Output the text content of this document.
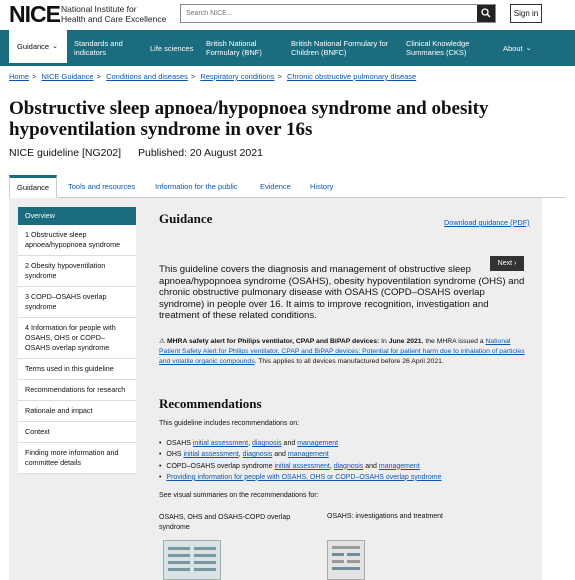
NICE National Institute for
Health and Care Excellence
Search NICE...
Sign in
Guidance ⌄ Standards and indicators	Life sciences British National Formulary (BNF)
British National Formulary for Children (BNFC)
Clinical Knowledge Summaries (CKS)	About ⌄
Home > NICE Guidance > Conditions and diseases > Respiratory conditions > Chronic obstructive pulmonary disease
Obstructive sleep apnoea/hypopnoea syndrome and obesity hypoventilation syndrome in over 16s
NICE guideline [NG202] Published: 20 August 2021
Guidance	Tools and resources	Information for the public	Evidence	History
Overview
1 Obstructive sleep apnoea/hypopnoea syndrome
2 Obesity hypoventilation syndrome
3 COPD–OSAHS overlap syndrome
4 Information for people with OSAHS, OHS or COPD–OSAHS overlap syndrome
Terms used in this guideline
Recommendations for research
Rationale and impact
Context
Finding more information and committee details
Guidance	Download guidance (PDF)
Next ›

This guideline covers the diagnosis and management of obstructive sleep apnoea/hypopnoea syndrome (OSAHS), obesity hypoventilation syndrome (OHS) and chronic obstructive pulmonary disease with OSAHS (COPD–OSAHS overlap syndrome) in people over 16. It aims to improve recognition, investigation and treatment of these related conditions.

⚠ MHRA safety alert for Philips ventilator, CPAP and BiPAP devices: In June 2021, the MHRA issued a National Patient Safety Alert for Philips ventilator, CPAP and BiPAP devices: Potential for patient harm due to inhalation of particles and volatile organic compounds. This applies to all devices manufactured before 26 April 2021.

Recommendations
This guideline includes recommendations on:
• OSAHS initial assessment, diagnosis and management
• OHS initial assessment, diagnosis and management
• COPD–OSAHS overlap syndrome initial assessment, diagnosis and management
• Providing information for people with OSAHS, OHS or COPD–OSAHS overlap syndrome
See visual summaries on the recommendations for:
OSAHS, OHS and OSAHS-COPD overlap syndrome
OSAHS: investigations and treatment
